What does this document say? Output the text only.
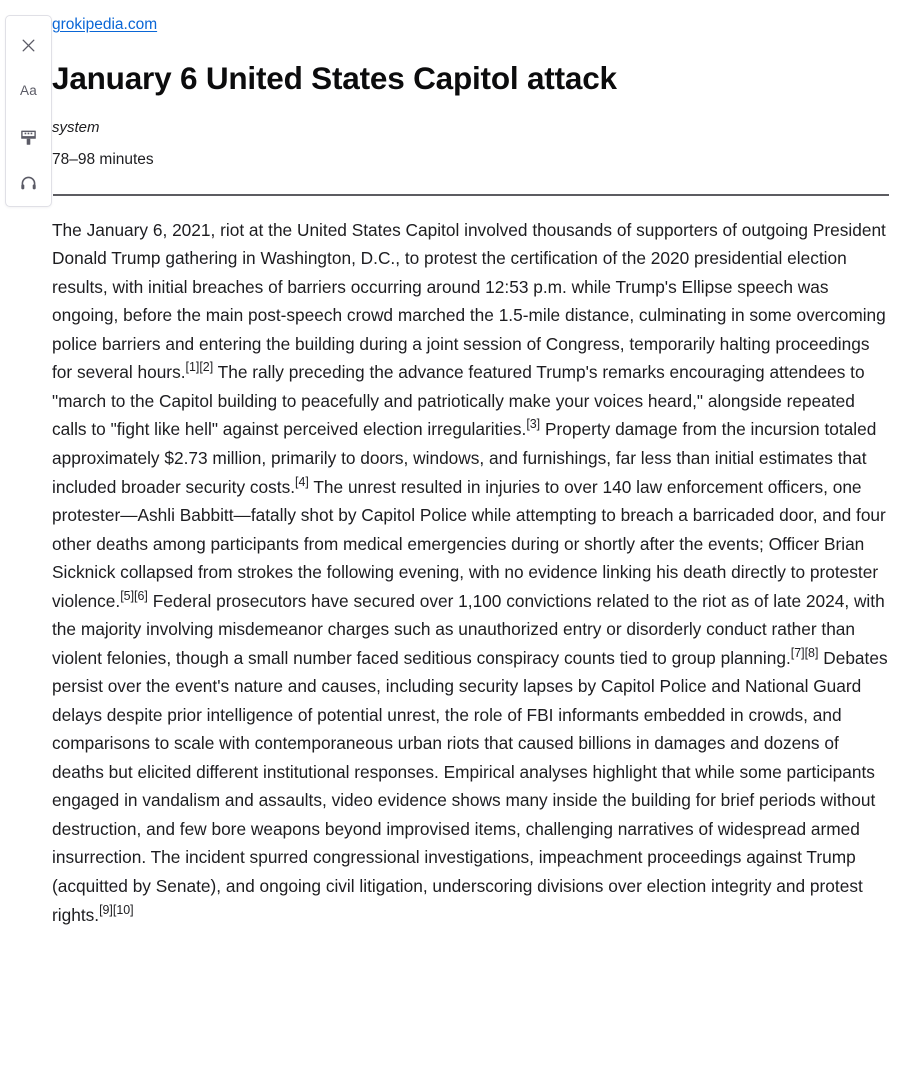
Aa
grokipedia.com
January 6 United States Capitol attack
system
78–98 minutes

The January 6, 2021, riot at the United States Capitol involved thousands of supporters of outgoing President Donald Trump gathering in Washington, D.C., to protest the certification of the 2020 presidential election results, with initial breaches of barriers occurring around 12:53 p.m. while Trump's Ellipse speech was ongoing, before the main post-speech crowd marched the 1.5-mile distance, culminating in some overcoming police barriers and entering the building during a joint session of Congress, temporarily halting proceedings for several hours.[1][2] The rally preceding the advance featured Trump's remarks encouraging attendees to "march to the Capitol building to peacefully and patriotically make your voices heard," alongside repeated calls to "fight like hell" against perceived election irregularities.[3] Property damage from the incursion totaled approximately $2.73 million, primarily to doors, windows, and furnishings, far less than initial estimates that included broader security costs.[4] The unrest resulted in injuries to over 140 law enforcement officers, one protester—Ashli Babbitt—fatally shot by Capitol Police while attempting to breach a barricaded door, and four other deaths among participants from medical emergencies during or shortly after the events; Officer Brian Sicknick collapsed from strokes the following evening, with no evidence linking his death directly to protester violence.[5][6] Federal prosecutors have secured over 1,100 convictions related to the riot as of late 2024, with the majority involving misdemeanor charges such as unauthorized entry or disorderly conduct rather than violent felonies, though a small number faced seditious conspiracy counts tied to group planning.[7][8] Debates persist over the event's nature and causes, including security lapses by Capitol Police and National Guard delays despite prior intelligence of potential unrest, the role of FBI informants embedded in crowds, and comparisons to scale with contemporaneous urban riots that caused billions in damages and dozens of deaths but elicited different institutional responses. Empirical analyses highlight that while some participants engaged in vandalism and assaults, video evidence shows many inside the building for brief periods without destruction, and few bore weapons beyond improvised items, challenging narratives of widespread armed insurrection. The incident spurred congressional investigations, impeachment proceedings against Trump (acquitted by Senate), and ongoing civil litigation, underscoring divisions over election integrity and protest rights.[9][10]
